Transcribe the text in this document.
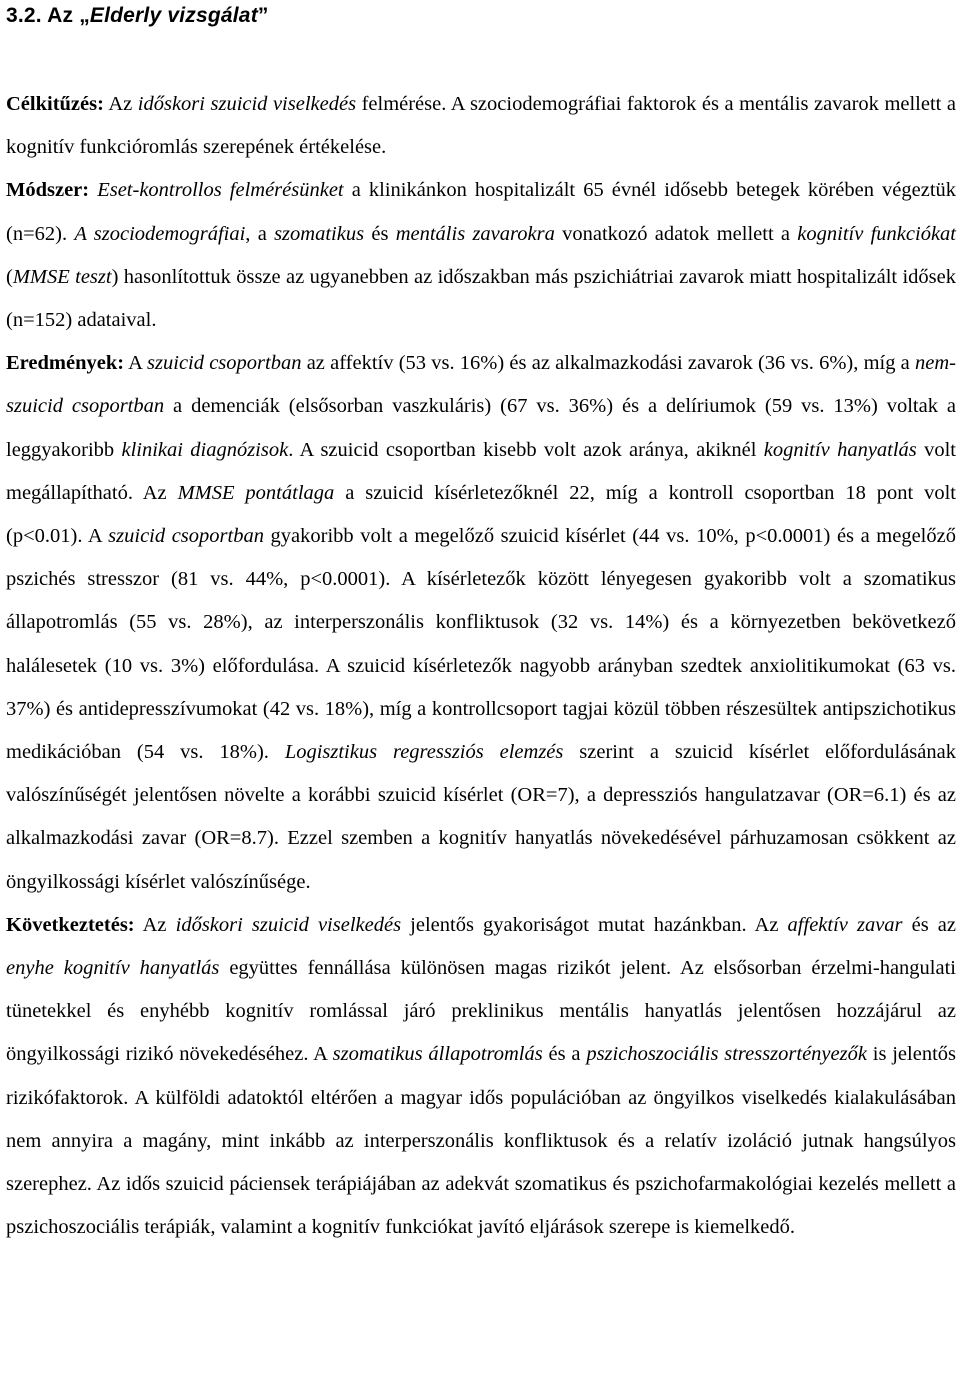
3.2. Az „Elderly vizsgálat”

Célkitűzés: Az időskori szuicid viselkedés felmérése. A szociodemográfiai faktorok és a mentális zavarok mellett a kognitív funkcióromlás szerepének értékelése.

Módszer: Eset-kontrollos felmérésünket a klinikánkon hospitalizált 65 évnél idősebb betegek körében végeztük (n=62). A szociodemográfiai, a szomatikus és mentális zavarokra vonatkozó adatok mellett a kognitív funkciókat (MMSE teszt) hasonlítottuk össze az ugyanebben az időszakban más pszichiátriai zavarok miatt hospitalizált idősek (n=152) adataival.

Eredmények: A szuicid csoportban az affektív (53 vs. 16%) és az alkalmazkodási zavarok (36 vs. 6%), míg a nem-szuicid csoportban a demenciák (elsősorban vaszkuláris) (67 vs. 36%) és a delíriumok (59 vs. 13%) voltak a leggyakoribb klinikai diagnózisok. A szuicid csoportban kisebb volt azok aránya, akiknél kognitív hanyatlás volt megállapítható. Az MMSE pontátlaga a szuicid kísérletezőknél 22, míg a kontroll csoportban 18 pont volt (p<0.01). A szuicid csoportban gyakoribb volt a megelőző szuicid kísérlet (44 vs. 10%, p<0.0001) és a megelőző pszichés stresszor (81 vs. 44%, p<0.0001). A kísérletezők között lényegesen gyakoribb volt a szomatikus állapotromlás (55 vs. 28%), az interperszonális konfliktusok (32 vs. 14%) és a környezetben bekövetkező halálesetek (10 vs. 3%) előfordulása. A szuicid kísérletezők nagyobb arányban szedtek anxiolitikumokat (63 vs. 37%) és antidepresszívumokat (42 vs. 18%), míg a kontrollcsoport tagjai közül többen részesültek antipszichotikus medikációban (54 vs. 18%). Logisztikus regressziós elemzés szerint a szuicid kísérlet előfordulásának valószínűségét jelentősen növelte a korábbi szuicid kísérlet (OR=7), a depressziós hangulatzavar (OR=6.1) és az alkalmazkodási zavar (OR=8.7). Ezzel szemben a kognitív hanyatlás növekedésével párhuzamosan csökkent az öngyilkossági kísérlet valószínűsége.

Következtetés: Az időskori szuicid viselkedés jelentős gyakoriságot mutat hazánkban. Az affektív zavar és az enyhe kognitív hanyatlás együttes fennállása különösen magas rizikót jelent. Az elsősorban érzelmi-hangulati tünetekkel és enyhébb kognitív romlással járó preklinikus mentális hanyatlás jelentősen hozzájárul az öngyilkossági rizikó növekedéséhez. A szomatikus állapotromlás és a pszichoszociális stresszortényezők is jelentős rizikófaktorok. A külföldi adatoktól eltérően a magyar idős populációban az öngyilkos viselkedés kialakulásában nem annyira a magány, mint inkább az interperszonális konfliktusok és a relatív izoláció jutnak hangsúlyos szerephez. Az idős szuicid páciensek terápiájában az adekvát szomatikus és pszichofarmakológiai kezelés mellett a pszichoszociális terápiák, valamint a kognitív funkciókat javító eljárások szerepe is kiemelkedő.
